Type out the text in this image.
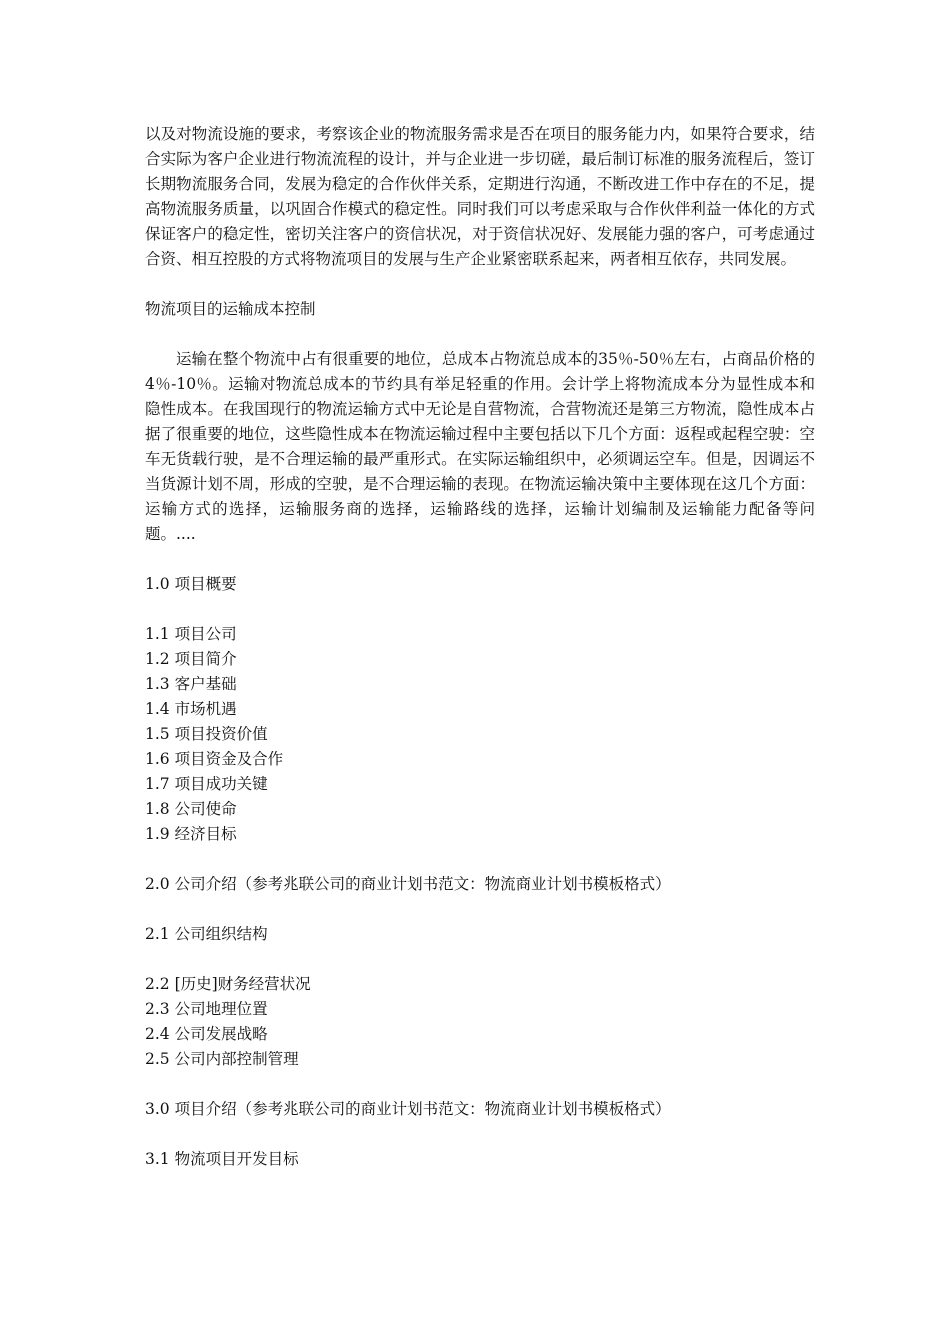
以及对物流设施的要求，考察该企业的物流服务需求是否在项目的服务能力内，如果符合要求，结合实际为客户企业进行物流流程的设计，并与企业进一步切磋，最后制订标准的服务流程后，签订长期物流服务合同，发展为稳定的合作伙伴关系，定期进行沟通，不断改进工作中存在的不足，提高物流服务质量，以巩固合作模式的稳定性。同时我们可以考虑采取与合作伙伴利益一体化的方式保证客户的稳定性，密切关注客户的资信状况，对于资信状况好、发展能力强的客户，可考虑通过合资、相互控股的方式将物流项目的发展与生产企业紧密联系起来，两者相互依存，共同发展。

物流项目的运输成本控制

运输在整个物流中占有很重要的地位，总成本占物流总成本的35％-50％左右，占商品价格的4％-10％。运输对物流总成本的节约具有举足轻重的作用。会计学上将物流成本分为显性成本和隐性成本。在我国现行的物流运输方式中无论是自营物流，合营物流还是第三方物流，隐性成本占据了很重要的地位，这些隐性成本在物流运输过程中主要包括以下几个方面：返程或起程空驶：空车无货载行驶，是不合理运输的最严重形式。在实际运输组织中，必须调运空车。但是，因调运不当货源计划不周，形成的空驶，是不合理运输的表现。在物流运输决策中主要体现在这几个方面：运输方式的选择，运输服务商的选择，运输路线的选择，运输计划编制及运输能力配备等问题。....

1.0 项目概要

1.1 项目公司

1.2 项目简介

1.3 客户基础

1.4 市场机遇

1.5 项目投资价值

1.6 项目资金及合作

1.7 项目成功关键

1.8 公司使命

1.9 经济目标

2.0 公司介绍（参考兆联公司的商业计划书范文：物流商业计划书模板格式）

2.1 公司组织结构

2.2 [历史]财务经营状况

2.3 公司地理位置

2.4 公司发展战略

2.5 公司内部控制管理

3.0 项目介绍（参考兆联公司的商业计划书范文：物流商业计划书模板格式）

3.1 物流项目开发目标
